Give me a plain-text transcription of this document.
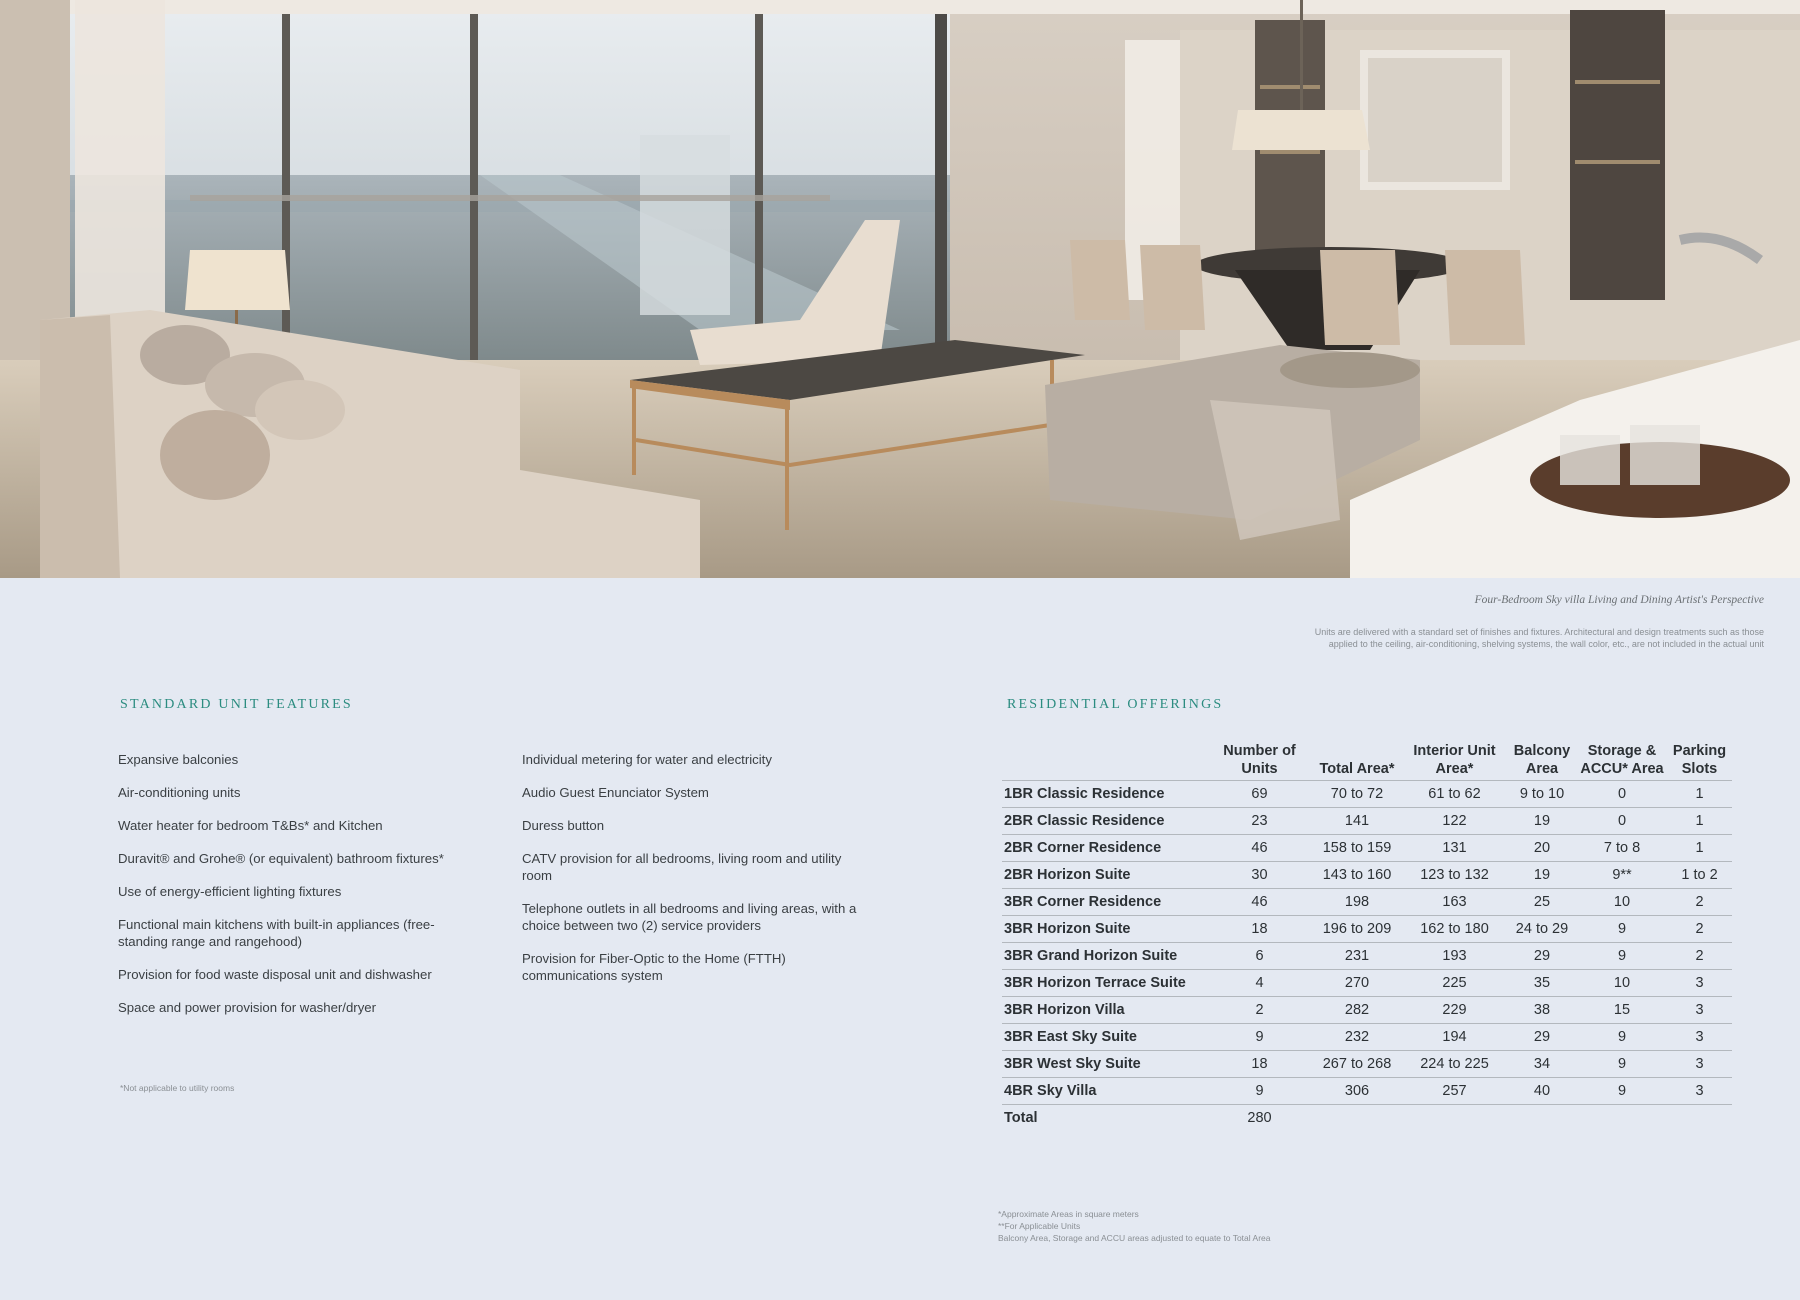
Four-Bedroom Sky villa Living and Dining Artist's Perspective
Units are delivered with a standard set of finishes and fixtures. Architectural and design treatments such as those applied to the ceiling, air-conditioning, shelving systems, the wall color, etc., are not included in the actual unit
STANDARD UNIT FEATURES
Expansive balconies
Air-conditioning units
Water heater for bedroom T&Bs* and Kitchen
Duravit® and Grohe® (or equivalent) bathroom fixtures*
Use of energy-efficient lighting fixtures
Functional main kitchens with built-in appliances (free-standing range and rangehood)
Provision for food waste disposal unit and dishwasher
Space and power provision for washer/dryer
Individual metering for water and electricity
Audio Guest Enunciator System
Duress button
CATV provision for all bedrooms, living room and utility room
Telephone outlets in all bedrooms and living areas, with a choice between two (2) service providers
Provision for Fiber-Optic to the Home (FTTH) communications system
*Not applicable to utility rooms
RESIDENTIAL OFFERINGS
	Number of Units	Total Area*	Interior Unit Area*	Balcony Area	Storage & ACCU* Area	Parking Slots
1BR Classic Residence	69	70 to 72	61 to 62	9 to 10	0	1
2BR Classic Residence	23	141	122	19	0	1
2BR Corner Residence	46	158 to 159	131	20	7 to 8	1
2BR Horizon Suite	30	143 to 160	123 to 132	19	9**	1 to 2
3BR Corner Residence	46	198	163	25	10	2
3BR Horizon Suite	18	196 to 209	162 to 180	24 to 29	9	2
3BR Grand Horizon Suite	6	231	193	29	9	2
3BR Horizon Terrace Suite	4	270	225	35	10	3
3BR Horizon Villa	2	282	229	38	15	3
3BR East Sky Suite	9	232	194	29	9	3
3BR West Sky Suite	18	267 to 268	224 to 225	34	9	3
4BR Sky Villa	9	306	257	40	9	3
Total	280					
*Approximate Areas in square meters
**For Applicable Units
Balcony Area, Storage and ACCU areas adjusted to equate to Total Area
